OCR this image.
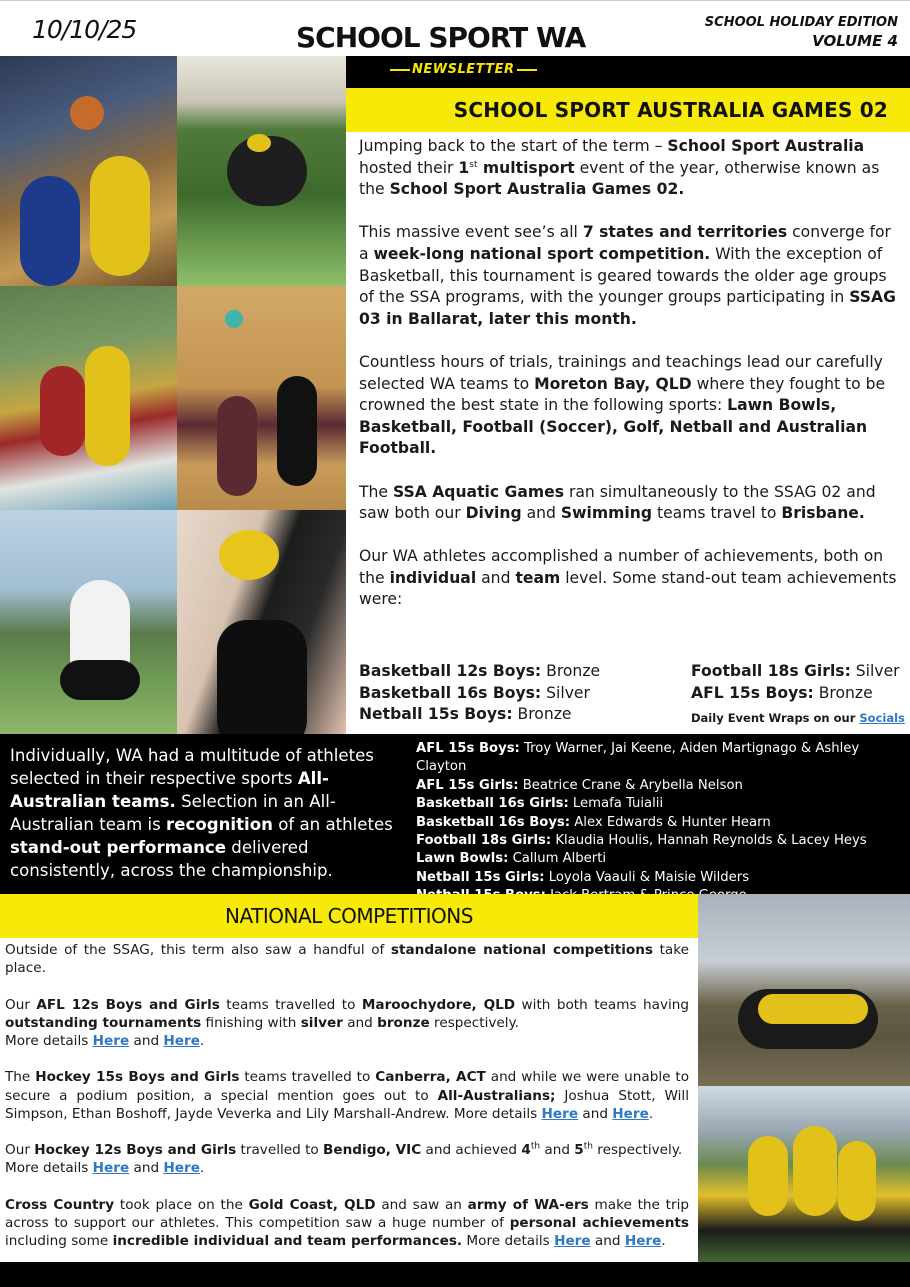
10/10/25	SCHOOL SPORT WA	SCHOOL HOLIDAY EDITION
VOLUME 4
NEWSLETTER
SCHOOL SPORT AUSTRALIA GAMES 02

Jumping back to the start of the term – School Sport Australia hosted their 1st multisport event of the year, otherwise known as the School Sport Australia Games 02.

This massive event see’s all 7 states and territories converge for a week-long national sport competition. With the exception of Basketball, this tournament is geared towards the older age groups of the SSA programs, with the younger groups participating in SSAG 03 in Ballarat, later this month.

Countless hours of trials, trainings and teachings lead our carefully selected WA teams to Moreton Bay, QLD where they fought to be crowned the best state in the following sports: Lawn Bowls, Basketball, Football (Soccer), Golf, Netball and Australian Football.

The SSA Aquatic Games ran simultaneously to the SSAG 02 and saw both our Diving and Swimming teams travel to Brisbane.

Our WA athletes accomplished a number of achievements, both on the individual and team level. Some stand-out team achievements were:

Basketball 12s Boys: Bronze
Basketball 16s Boys: Silver
Netball 15s Boys: Bronze
Football 18s Girls: Silver
AFL 15s Boys: Bronze
Daily Event Wraps on our Socials
Individually, WA had a multitude of athletes selected in their respective sports All-Australian teams. Selection in an All-Australian team is recognition of an athletes stand-out performance delivered consistently, across the championship.
AFL 15s Boys: Troy Warner, Jai Keene, Aiden Martignago & Ashley Clayton
AFL 15s Girls: Beatrice Crane & Arybella Nelson
Basketball 16s Girls: Lemafa Tuialii
Basketball 16s Boys: Alex Edwards & Hunter Hearn
Football 18s Girls: Klaudia Houlis, Hannah Reynolds & Lacey Heys
Lawn Bowls: Callum Alberti
Netball 15s Girls: Loyola Vaauli & Maisie Wilders
NATIONAL COMPETITIONS

Outside of the SSAG, this term also saw a handful of standalone national competitions take place.

Our AFL 12s Boys and Girls teams travelled to Maroochydore, QLD with both teams having outstanding tournaments finishing with silver and bronze respectively.
More details Here and Here.

The Hockey 15s Boys and Girls teams travelled to Canberra, ACT and while we were unable to secure a podium position, a special mention goes out to All-Australians; Joshua Stott, Will Simpson, Ethan Boshoff, Jayde Veverka and Lily Marshall-Andrew. More details Here and Here.

Our Hockey 12s Boys and Girls travelled to Bendigo, VIC and achieved 4th and 5th respectively.
More details Here and Here.

Cross Country took place on the Gold Coast, QLD and saw an army of WA-ers make the trip across to support our athletes. This competition saw a huge number of personal achievements including some incredible individual and team performances. More details Here and Here.
